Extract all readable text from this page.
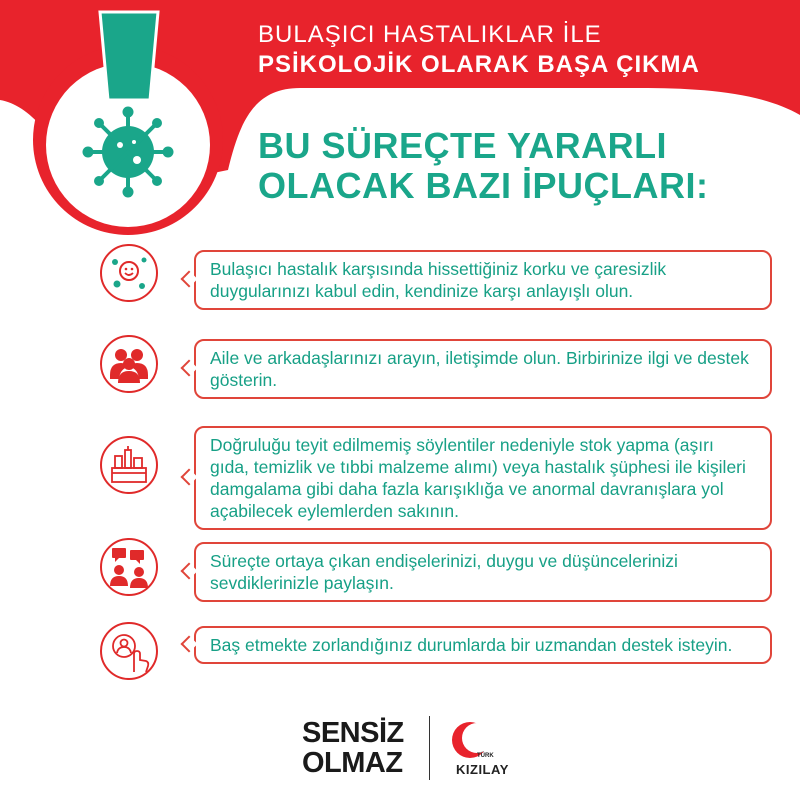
BULAŞICI HASTALIKLAR İLE
PSİKOLOJİK OLARAK BAŞA ÇIKMA
BU SÜREÇTE YARARLI
OLACAK BAZI İPUÇLARI:
Bulaşıcı hastalık karşısında hissettiğiniz korku ve çaresizlik duygularınızı kabul edin, kendinize karşı anlayışlı olun.
Aile ve arkadaşlarınızı arayın, iletişimde olun. Birbirinize ilgi ve destek gösterin.
Doğruluğu teyit edilmemiş söylentiler nedeniyle stok yapma (aşırı gıda, temizlik ve tıbbi malzeme alımı) veya hastalık şüphesi ile kişileri damgalama gibi daha fazla karışıklığa ve anormal davranışlara yol açabilecek eylemlerden sakının.
Süreçte ortaya çıkan endişelerinizi, duygu ve düşüncelerinizi sevdiklerinizle paylaşın.
Baş etmekte zorlandığınız durumlarda bir uzmandan destek isteyin.
SENSİZ
OLMAZ	TÜRK
KIZILAY
